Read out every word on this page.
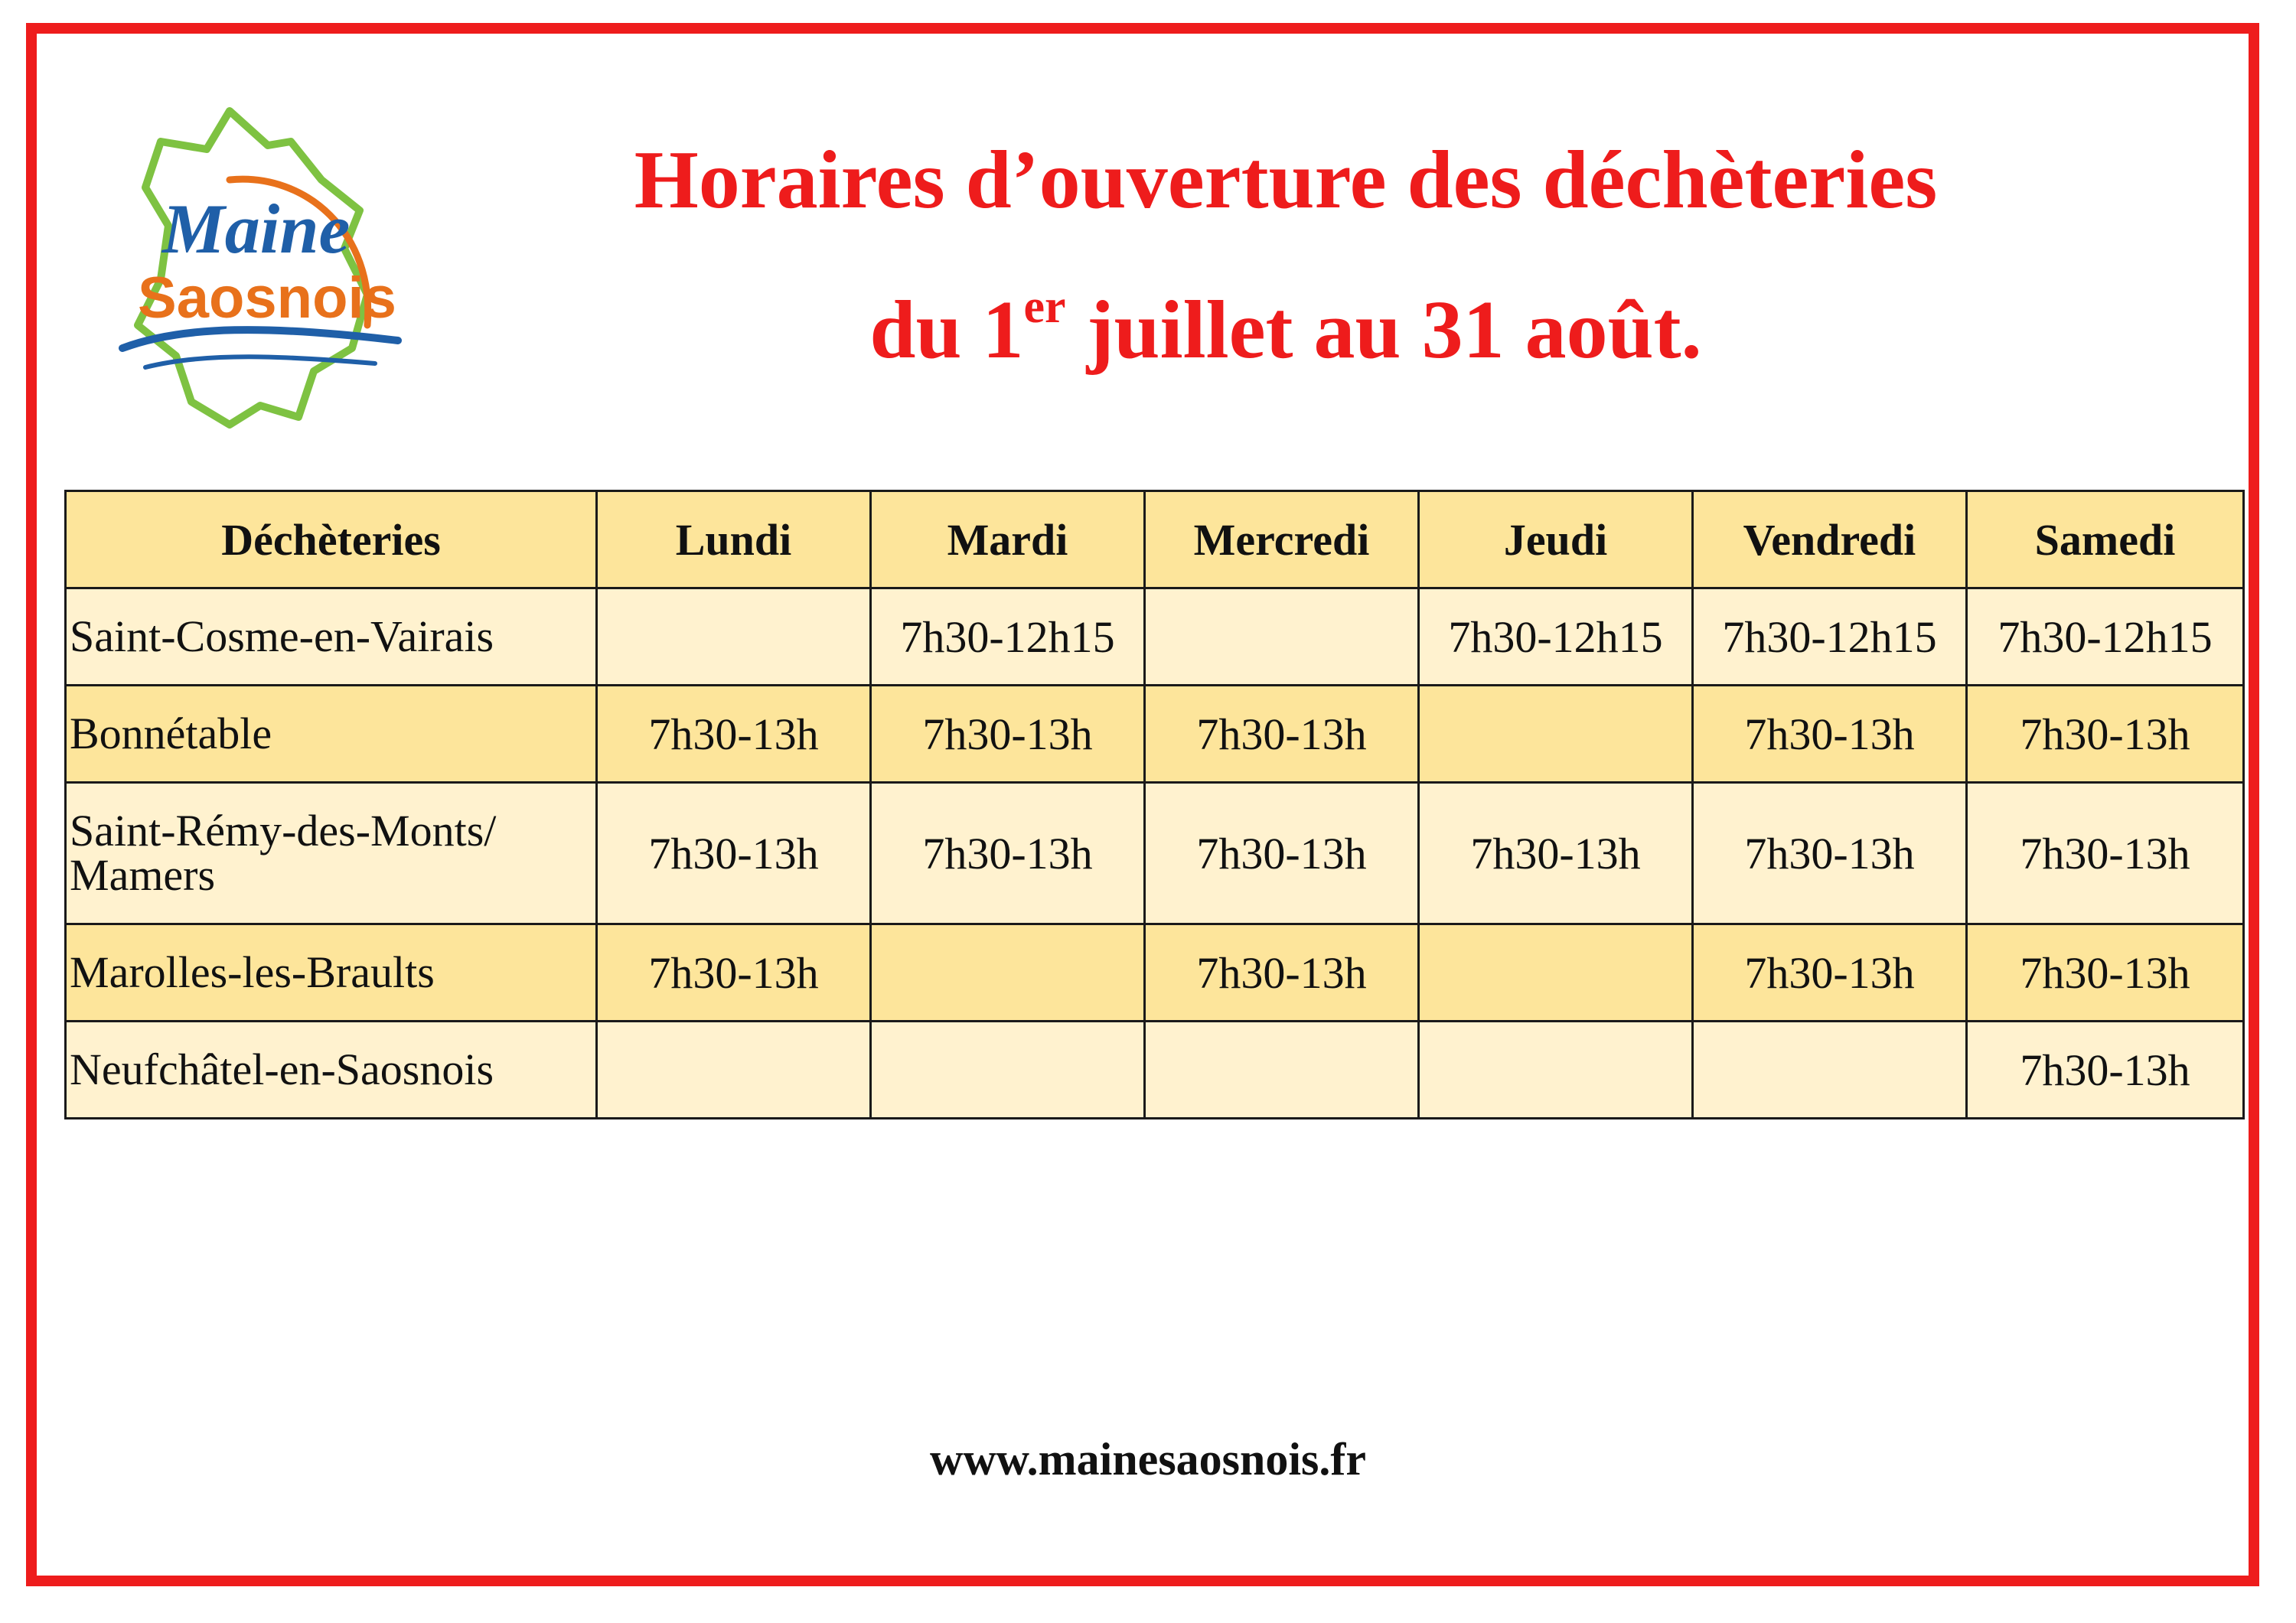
Maine
Saosnois
Horaires d’ouverture des déchèteries
du 1er juillet au 31 août.
Déchèteries	Lundi	Mardi	Mercredi	Jeudi	Vendredi	Samedi
Saint-Cosme-en-Vairais		7h30-12h15		7h30-12h15	7h30-12h15	7h30-12h15
Bonnétable	7h30-13h	7h30-13h	7h30-13h		7h30-13h	7h30-13h
Saint-Rémy-des-Monts/
Mamers	7h30-13h	7h30-13h	7h30-13h	7h30-13h	7h30-13h	7h30-13h
Marolles-les-Braults	7h30-13h		7h30-13h		7h30-13h	7h30-13h
Neufchâtel-en-Saosnois						7h30-13h
www.mainesaosnois.fr
